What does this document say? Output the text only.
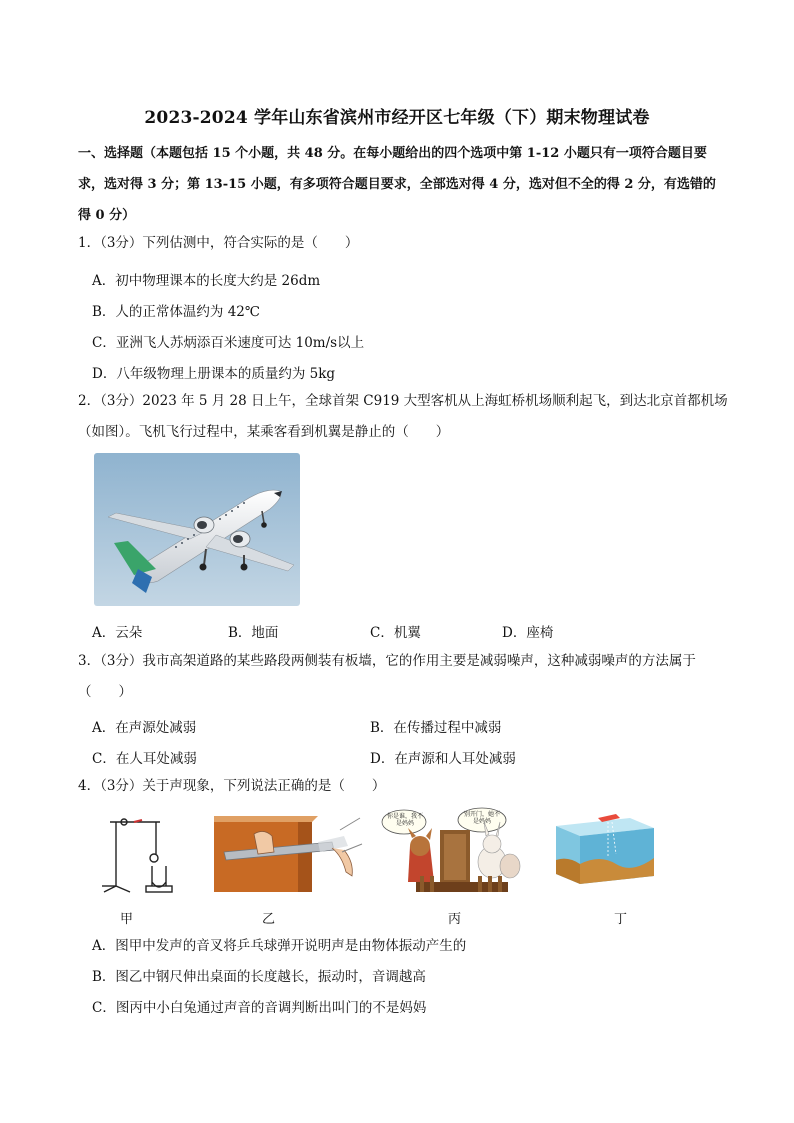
2023-2024 学年山东省滨州市经开区七年级（下）期末物理试卷
一、选择题（本题包括 15 个小题，共 48 分。在每小题给出的四个选项中第 1-12 小题只有一项符合题目要求，选对得 3 分；第 13-15 小题，有多项符合题目要求，全部选对得 4 分，选对但不全的得 2 分，有选错的得 0 分）
1．（3分）下列估测中，符合实际的是（　　）
A．初中物理课本的长度大约是 26dm
B．人的正常体温约为 42℃
C．亚洲飞人苏炳添百米速度可达 10m/s以上
D．八年级物理上册课本的质量约为 5kg
2．（3分）2023 年 5 月 28 日上午，全球首架 C919 大型客机从上海虹桥机场顺利起飞，到达北京首都机场（如图）。飞机飞行过程中，某乘客看到机翼是静止的（　　）
A．云朵	B．地面	C．机翼	D．座椅
3．（3分）我市高架道路的某些路段两侧装有板墙，它的作用主要是减弱噪声，这种减弱噪声的方法属于（　　）
A．在声源处减弱	B．在传播过程中减弱
C．在人耳处减弱	D．在声源和人耳处减弱
4．（3分）关于声现象，下列说法正确的是（　　）
你是谁，我不是妈妈
别开门，她不是妈妈
甲	乙	丙	丁
A．图甲中发声的音叉将乒乓球弹开说明声是由物体振动产生的
B．图乙中钢尺伸出桌面的长度越长，振动时，音调越高
C．图丙中小白兔通过声音的音调判断出叫门的不是妈妈
